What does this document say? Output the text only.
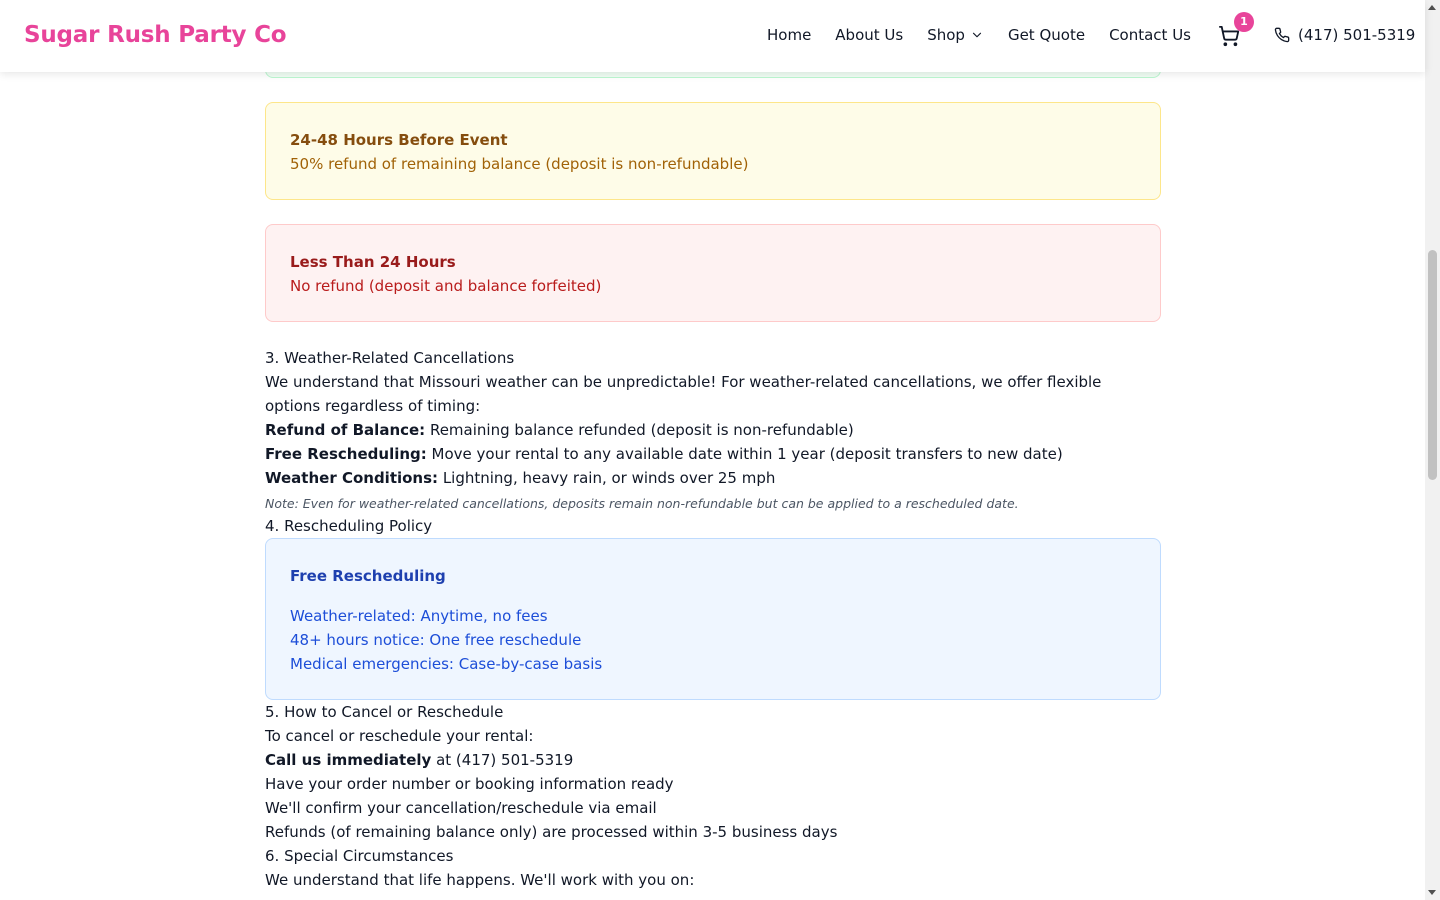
Sugar Rush Party Co	Home About Us Shop	Get Quote Contact Us
1
(417) 501-5319
24-48 Hours Before Event
50% refund of remaining balance (deposit is non-refundable)
Less Than 24 Hours
No refund (deposit and balance forfeited)
3. Weather-Related Cancellations
We understand that Missouri weather can be unpredictable! For weather-related cancellations, we offer flexible options regardless of timing:
Refund of Balance: Remaining balance refunded (deposit is non-refundable)
Free Rescheduling: Move your rental to any available date within 1 year (deposit transfers to new date)
Weather Conditions: Lightning, heavy rain, or winds over 25 mph
Note: Even for weather-related cancellations, deposits remain non-refundable but can be applied to a rescheduled date.
4. Rescheduling Policy
Free Rescheduling
Weather-related: Anytime, no fees
48+ hours notice: One free reschedule
Medical emergencies: Case-by-case basis
5. How to Cancel or Reschedule
To cancel or reschedule your rental:
Call us immediately at (417) 501-5319
Have your order number or booking information ready
We'll confirm your cancellation/reschedule via email
Refunds (of remaining balance only) are processed within 3-5 business days
6. Special Circumstances
We understand that life happens. We'll work with you on:
